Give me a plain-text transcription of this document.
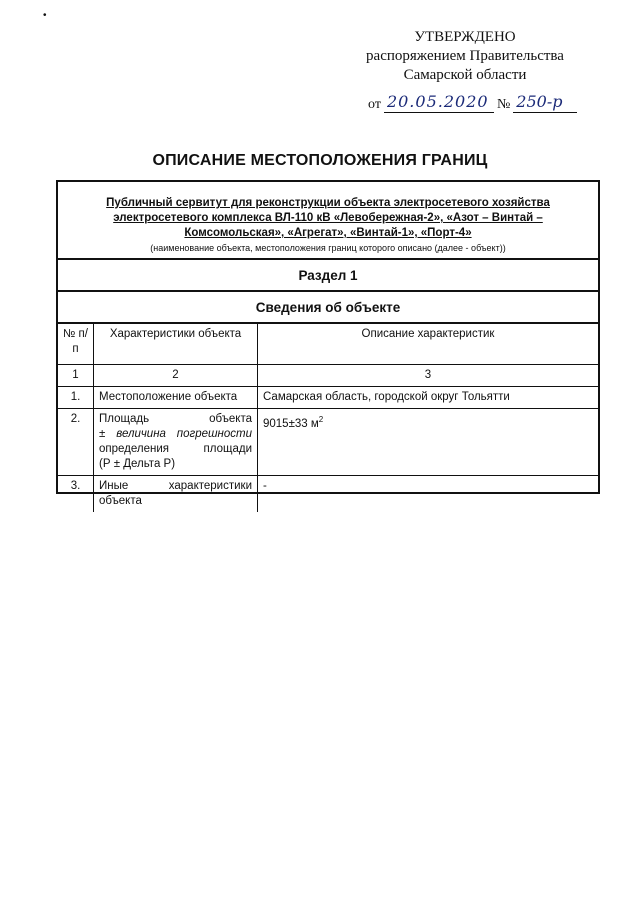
•
УТВЕРЖДЕНО
распоряжением Правительства
Самарской области
от 20.05.2020 № 250-р
ОПИСАНИЕ МЕСТОПОЛОЖЕНИЯ ГРАНИЦ
Публичный сервитут для реконструкции объекта электросетевого хозяйства электросетевого комплекса ВЛ-110 кВ «Левобережная-2», «Азот – Винтай – Комсомольская», «Агрегат», «Винтай-1», «Порт-4»
(наименование объекта, местоположения границ которого описано (далее - объект))
Раздел 1
Сведения об объекте
№ п/п	Характеристики объекта	Описание характеристик
1	2	3
1.	Местоположение объекта	Самарская область, городской округ Тольятти
2.	Площадь объекта
± величина погрешности
определения площади
(Р ± Дельта Р)	9015±33 $м^2$
3.	Иные характеристики
объекта	-
